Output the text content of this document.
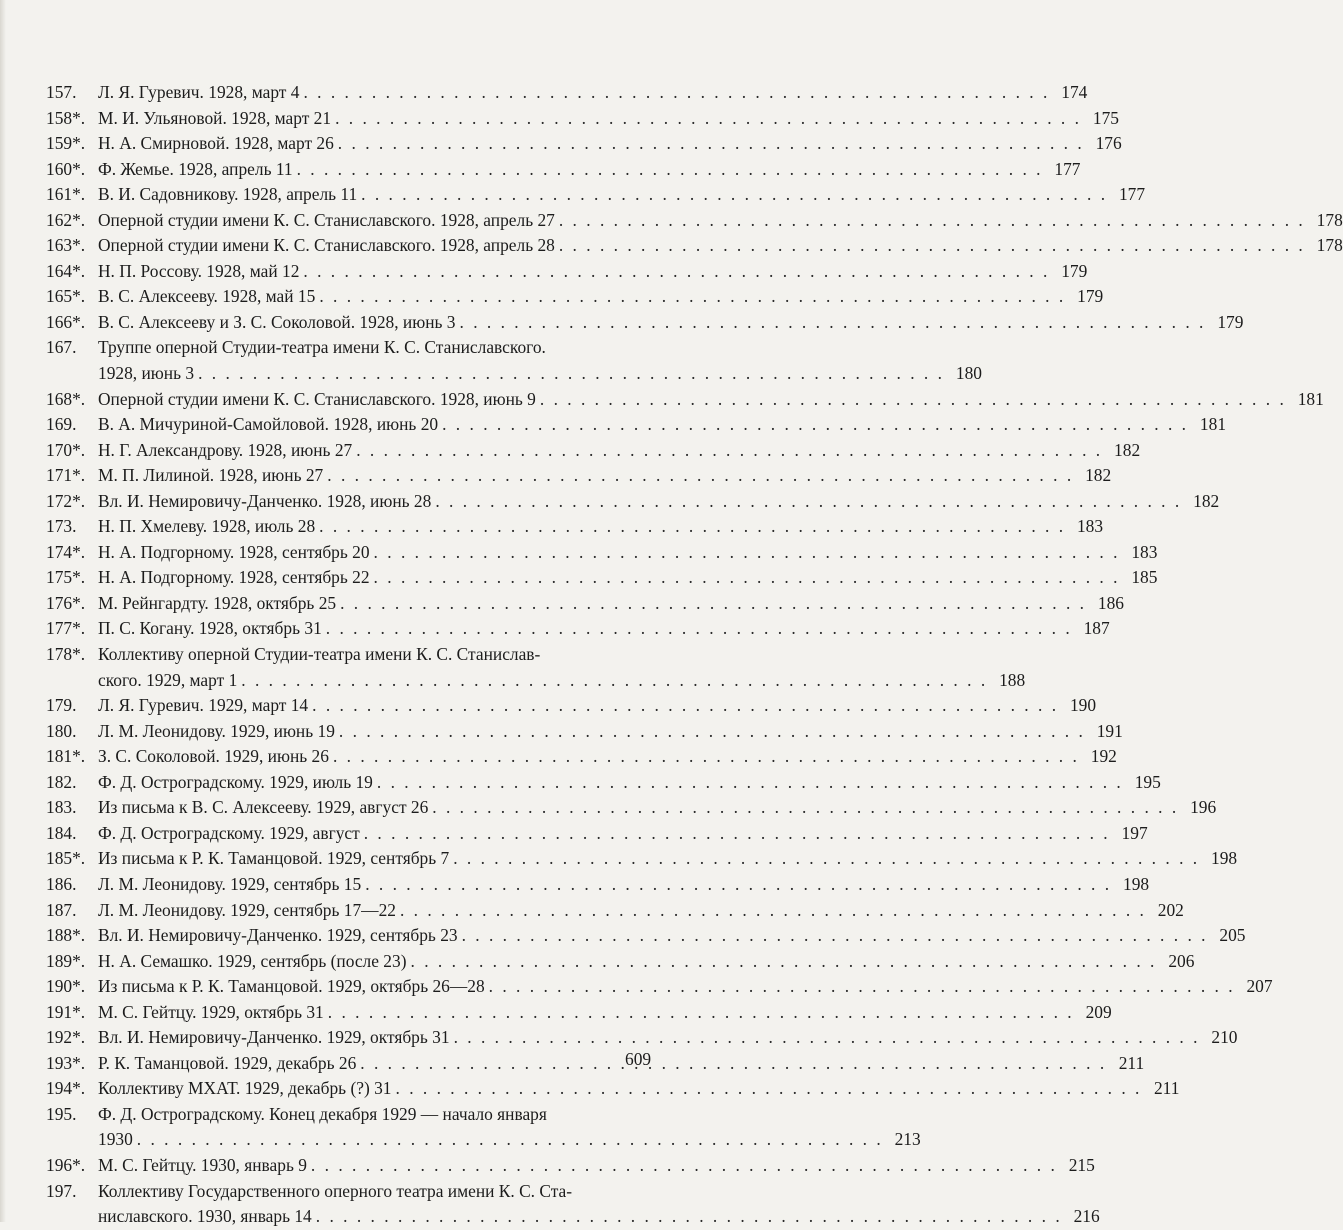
157.	Л. Я. Гуревич. 1928, март 4 . . .	174
158*. М. И. Ульяновой. 1928, март 21 . . .	175
159*. Н. А. Смирновой. 1928, март 26 . . .	176
160*. Ф. Жемье. 1928, апрель 11 . . .	177
161*. В. И. Садовникову. 1928, апрель 11 . . .	177
162*. Оперной студии имени К. С. Станиславского. 1928, апрель 27 . . .	178
163*. Оперной студии имени К. С. Станиславского. 1928, апрель 28 . . .	178
164*. Н. П. Россову. 1928, май 12 . . .	179
165*. В. С. Алексееву. 1928, май 15 . . .	179
166*. В. С. Алексееву и З. С. Соколовой. 1928, июнь 3 . . .	179
167.	Труппе оперной Студии-театра имени К. С. Станиславского.
1928, июнь 3 . . .	180
168*. Оперной студии имени К. С. Станиславского. 1928, июнь 9 . . .	181
169.	В. А. Мичуриной-Самойловой. 1928, июнь 20 . . .	181
170*. Н. Г. Александрову. 1928, июнь 27 . . .	182
171*. М. П. Лилиной. 1928, июнь 27 . . .	182
172*. Вл. И. Немировичу-Данченко. 1928, июнь 28 . . .	182
173.	Н. П. Хмелеву. 1928, июль 28 . . .	183
174*. Н. А. Подгорному. 1928, сентябрь 20 . . .	183
175*. Н. А. Подгорному. 1928, сентябрь 22 . . .	185
176*. М. Рейнгардту. 1928, октябрь 25 . . .	186
177*. П. С. Когану. 1928, октябрь 31 . . .	187
178*. Коллективу оперной Студии-театра имени К. С. Станислав-
ского. 1929, март 1 . . .	188
179.	Л. Я. Гуревич. 1929, март 14 . . .	190
180.	Л. М. Леонидову. 1929, июнь 19 . . .	191
181*. З. С. Соколовой. 1929, июнь 26 . . .	192
182.	Ф. Д. Остроградскому. 1929, июль 19 . . .	195
183.	Из письма к В. С. Алексееву. 1929, август 26 . . .	196
184.	Ф. Д. Остроградскому. 1929, август . . .	197
185*. Из письма к Р. К. Таманцовой. 1929, сентябрь 7 . . .	198
186.	Л. М. Леонидову. 1929, сентябрь 15 . . .	198
187.	Л. М. Леонидову. 1929, сентябрь 17—22 . . .	202
188*. Вл. И. Немировичу-Данченко. 1929, сентябрь 23 . . .	205
189*. Н. А. Семашко. 1929, сентябрь (после 23) . . .	206
190*. Из письма к Р. К. Таманцовой. 1929, октябрь 26—28 . . .	207
191*. М. С. Гейтцу. 1929, октябрь 31 . . .	209
192*. Вл. И. Немировичу-Данченко. 1929, октябрь 31 . . .	210
193*. Р. К. Таманцовой. 1929, декабрь 26 . . .	211
194*. Коллективу МХАТ. 1929, декабрь (?) 31 . . .	211
195.	Ф. Д. Остроградскому. Конец декабря 1929 — начало января
1930 . . .	213
196*. М. С. Гейтцу. 1930, январь 9 . . .	215
197.	Коллективу Государственного оперного театра имени К. С. Ста-
ниславского. 1930, январь 14 . . .	216
609
